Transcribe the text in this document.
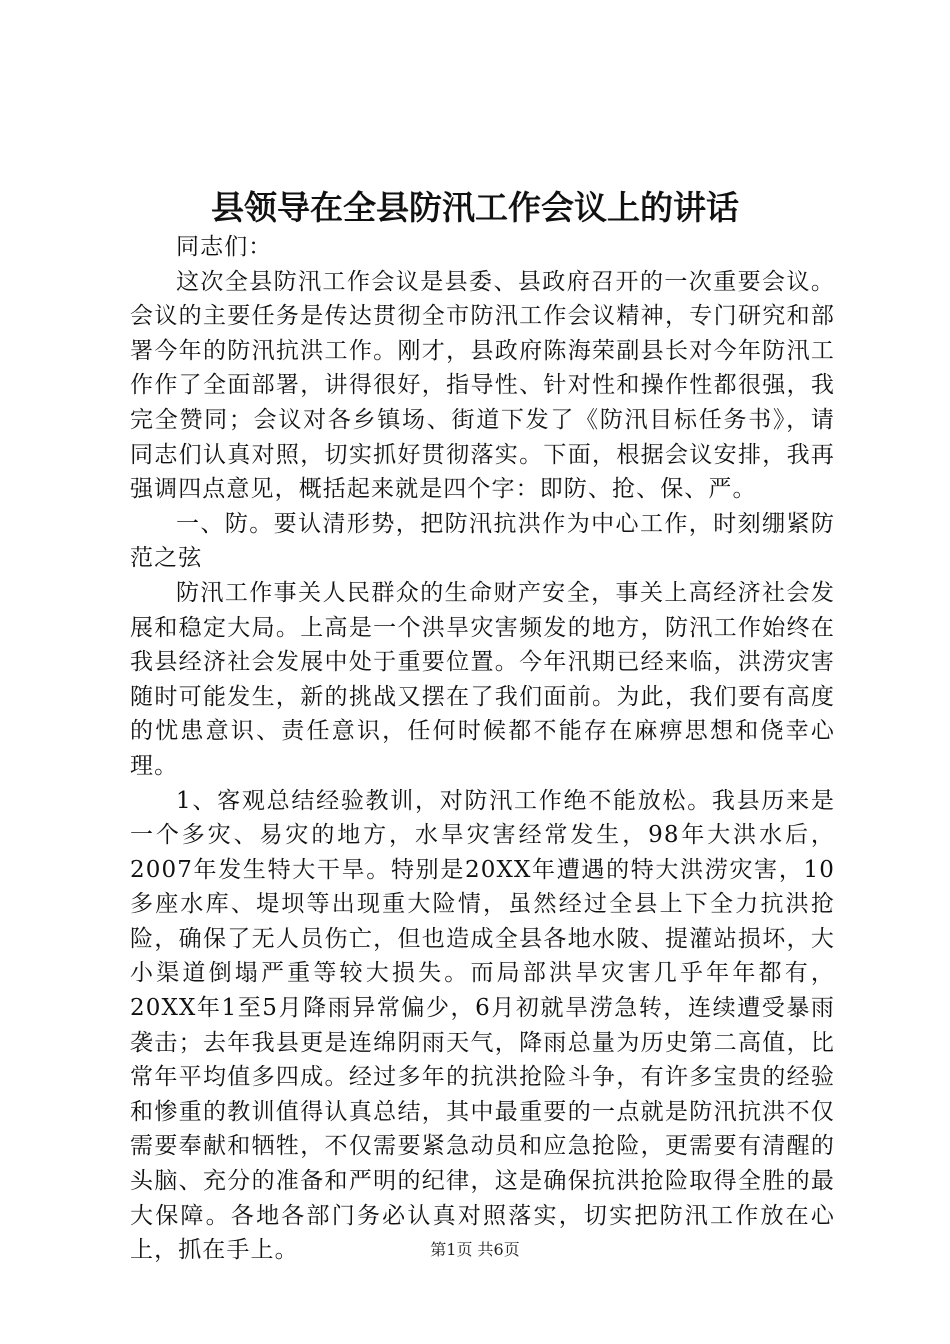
县领导在全县防汛工作会议上的讲话

同志们：

这次全县防汛工作会议是县委、县政府召开的一次重要会议。会议的主要任务是传达贯彻全市防汛工作会议精神，专门研究和部署今年的防汛抗洪工作。刚才，县政府陈海荣副县长对今年防汛工作作了全面部署，讲得很好，指导性、针对性和操作性都很强，我完全赞同；会议对各乡镇场、街道下发了《防汛目标任务书》，请同志们认真对照，切实抓好贯彻落实。下面，根据会议安排，我再强调四点意见，概括起来就是四个字：即防、抢、保、严。

一、防。要认清形势，把防汛抗洪作为中心工作，时刻绷紧防范之弦

防汛工作事关人民群众的生命财产安全，事关上高经济社会发展和稳定大局。上高是一个洪旱灾害频发的地方，防汛工作始终在我县经济社会发展中处于重要位置。今年汛期已经来临，洪涝灾害随时可能发生，新的挑战又摆在了我们面前。为此，我们要有高度的忧患意识、责任意识，任何时候都不能存在麻痹思想和侥幸心理。

1、客观总结经验教训，对防汛工作绝不能放松。我县历来是一个多灾、易灾的地方，水旱灾害经常发生，98年大洪水后，2007年发生特大干旱。特别是20XX年遭遇的特大洪涝灾害，10多座水库、堤坝等出现重大险情，虽然经过全县上下全力抗洪抢险，确保了无人员伤亡，但也造成全县各地水陂、提灌站损坏，大小渠道倒塌严重等较大损失。而局部洪旱灾害几乎年年都有，20XX年1至5月降雨异常偏少，6月初就旱涝急转，连续遭受暴雨袭击；去年我县更是连绵阴雨天气，降雨总量为历史第二高值，比常年平均值多四成。经过多年的抗洪抢险斗争，有许多宝贵的经验和惨重的教训值得认真总结，其中最重要的一点就是防汛抗洪不仅需要奉献和牺牲，不仅需要紧急动员和应急抢险，更需要有清醒的头脑、充分的准备和严明的纪律，这是确保抗洪抢险取得全胜的最大保障。各地各部门务必认真对照落实，切实把防汛工作放在心上，抓在手上。	第1页 共6页
